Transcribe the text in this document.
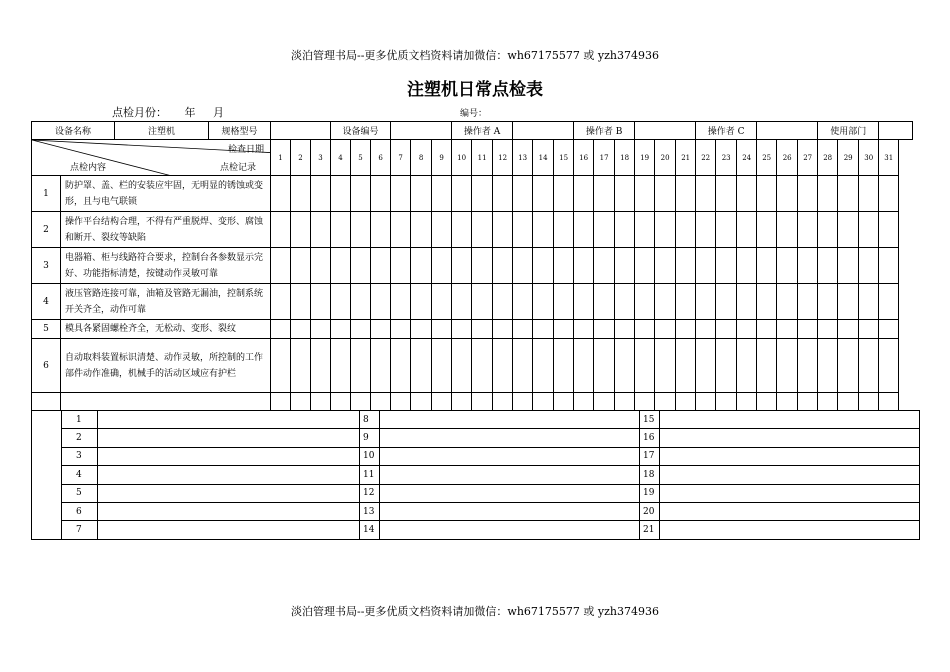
淡泊管理书局--更多优质文档资料请加微信：wh67175577 或 yzh374936
注塑机日常点检表
点检月份： 年 月	编号：
设备名称		注塑机	规格型号				设备编号						操作者 A						操作者 B						操作者 C						使用部门			

检查日期
点检内容 点检记录				1	2	3	4	5	6	7	8	9	10	11	12	13	14	15	16	17	18	19	20	21	22	23	24	25	26	27	28	29	30	31
1	防护罩、盖、栏的安装应牢固，无明显的锈蚀或变形，且与电气联锁																																	
2	操作平台结构合理，不得有严重脱焊、变形、腐蚀和断开、裂纹等缺陷																																	
3	电器箱、柜与线路符合要求，控制台各参数显示完好、功能指标清楚，按键动作灵敏可靠																																	
4	液压管路连接可靠，油箱及管路无漏油，控制系统开关齐全，动作可靠																																	
5	模具各紧固螺栓齐全，无松动、变形、裂纹																																	
6	自动取料装置标识清楚、动作灵敏，所控制的工作部件动作准确，机械手的活动区域应有护栏																																	

	1		8		15	
	2		9		16	
	3		10		17	
	4		11		18	
	5		12		19	
	6		13		20	
	7		14		21	
淡泊管理书局--更多优质文档资料请加微信：wh67175577 或 yzh374936
